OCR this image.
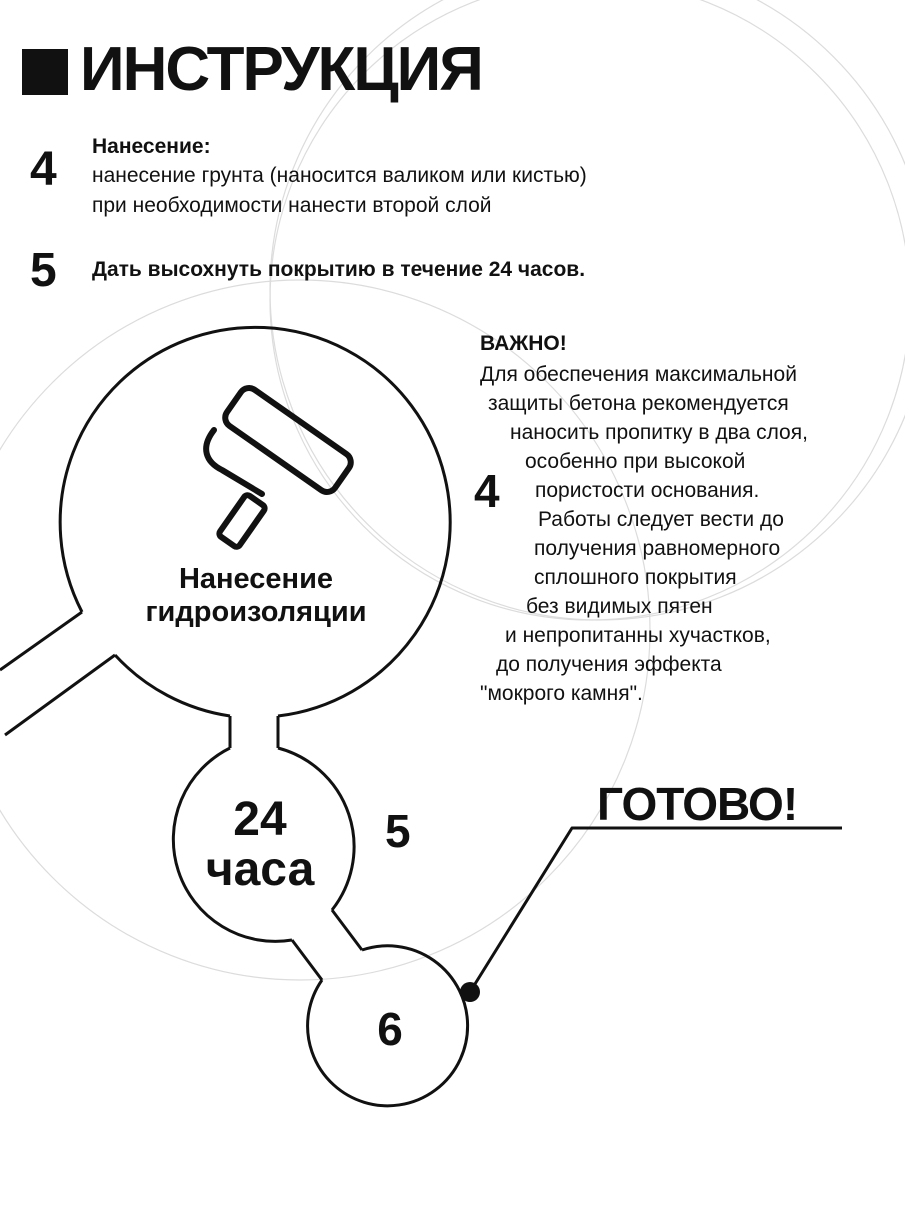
ИНСТРУКЦИЯ
4 Нанесение:
нанесение грунта (наносится валиком или кистью)
при необходимости нанести второй слой
5 Дать высохнуть покрытию в течение 24 часов.
Нанесение гидроизоляции
4
24
часа
5
6
ГОТОВО!
ВАЖНО!
Для обеспечения максимальной
защиты бетона рекомендуется
наносить пропитку в два слоя,
особенно при высокой
пористости основания.
Работы следует вести до
получения равномерного
сплошного покрытия
без видимых пятен
и непропитанны хучастков,
до получения эффекта
"мокрого камня".
